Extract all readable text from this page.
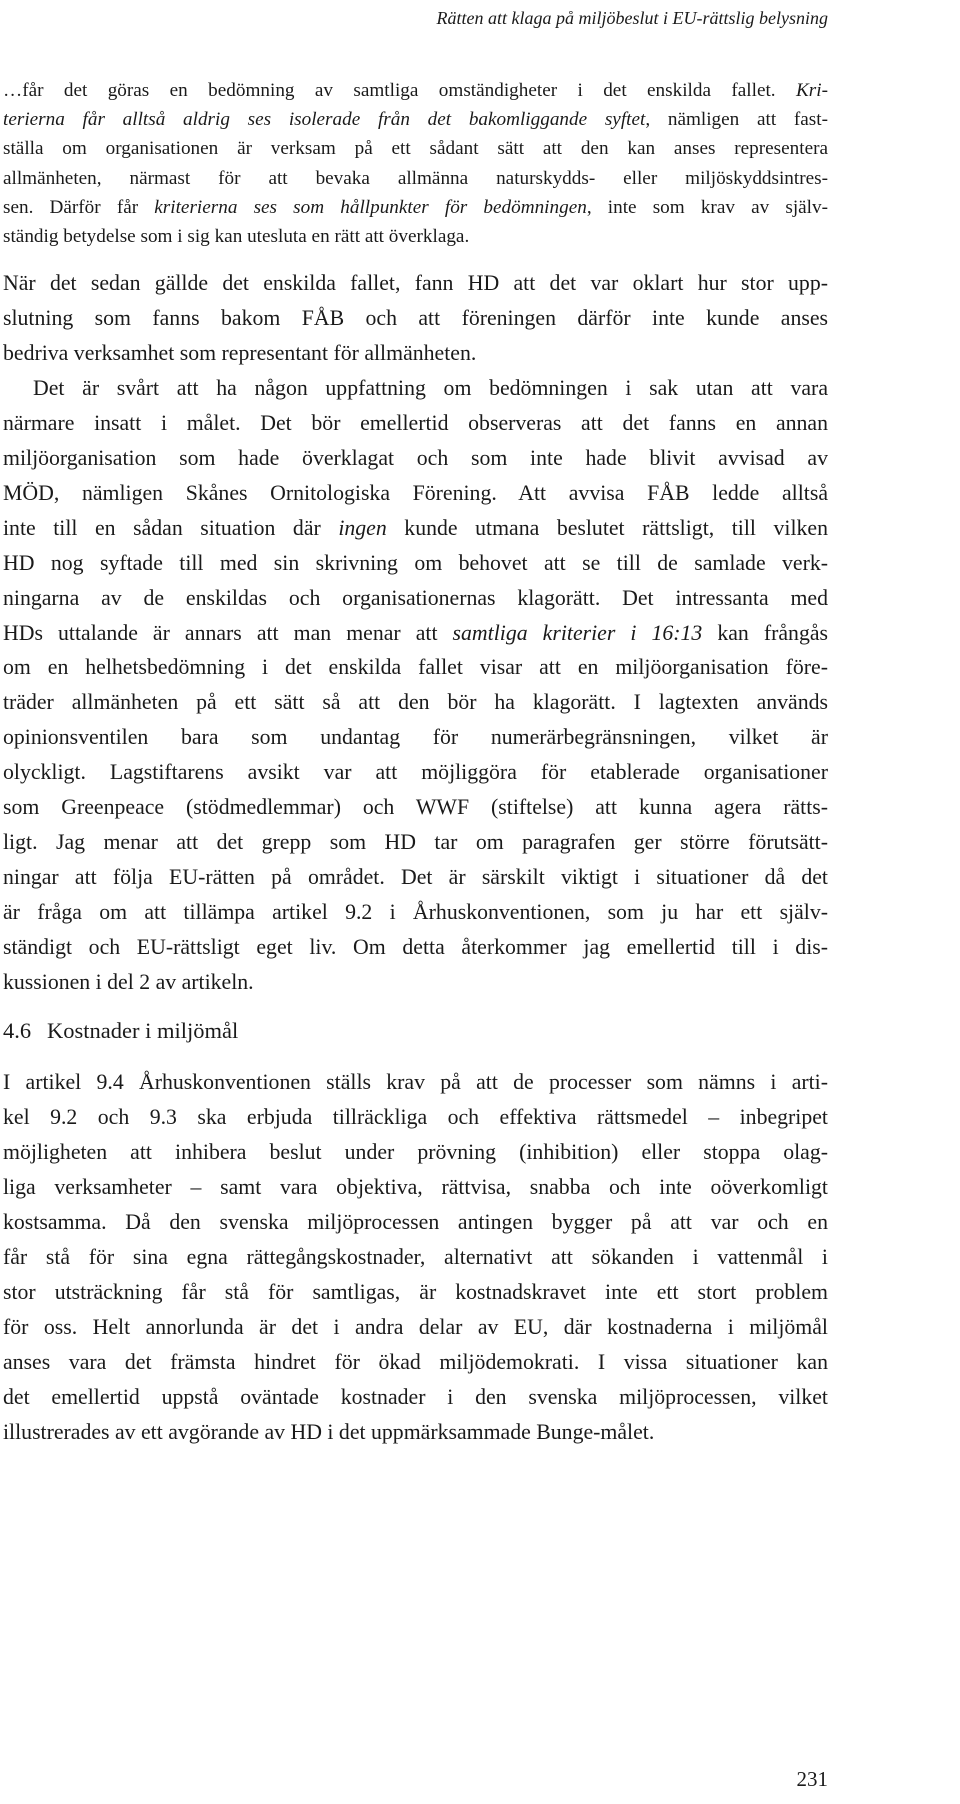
Rätten att klaga på miljöbeslut i EU-rättslig belysning
…får det göras en bedömning av samtliga omständigheter i det enskilda fallet. Kri-
terierna får alltså aldrig ses isolerade från det bakomliggande syftet, nämligen att fast-
ställa om organisationen är verksam på ett sådant sätt att den kan anses representera
allmänheten, närmast för att bevaka allmänna naturskydds- eller miljöskyddsintres-
sen. Därför får kriterierna ses som hållpunkter för bedömningen, inte som krav av själv-
ständig betydelse som i sig kan utesluta en rätt att överklaga.
När det sedan gällde det enskilda fallet, fann HD att det var oklart hur stor upp-
slutning som fanns bakom FÅB och att föreningen därför inte kunde anses
bedriva verksamhet som representant för allmänheten.
Det är svårt att ha någon uppfattning om bedömningen i sak utan att vara
närmare insatt i målet. Det bör emellertid observeras att det fanns en annan
miljöorganisation som hade överklagat och som inte hade blivit avvisad av
MÖD, nämligen Skånes Ornitologiska Förening. Att avvisa FÅB ledde alltså
inte till en sådan situation där ingen kunde utmana beslutet rättsligt, till vilken
HD nog syftade till med sin skrivning om behovet att se till de samlade verk-
ningarna av de enskildas och organisationernas klagorätt. Det intressanta med
HDs uttalande är annars att man menar att samtliga kriterier i 16:13 kan frångås
om en helhetsbedömning i det enskilda fallet visar att en miljöorganisation före-
träder allmänheten på ett sätt så att den bör ha klagorätt. I lagtexten används
opinionsventilen bara som undantag för numerärbegränsningen, vilket är
olyckligt. Lagstiftarens avsikt var att möjliggöra för etablerade organisationer
som Greenpeace (stödmedlemmar) och WWF (stiftelse) att kunna agera rätts-
ligt. Jag menar att det grepp som HD tar om paragrafen ger större förutsätt-
ningar att följa EU-rätten på området. Det är särskilt viktigt i situationer då det
är fråga om att tillämpa artikel 9.2 i Århuskonventionen, som ju har ett själv-
ständigt och EU-rättsligt eget liv. Om detta återkommer jag emellertid till i dis-
kussionen i del 2 av artikeln.
4.6 Kostnader i miljömål
I artikel 9.4 Århuskonventionen ställs krav på att de processer som nämns i arti-
kel 9.2 och 9.3 ska erbjuda tillräckliga och effektiva rättsmedel – inbegripet
möjligheten att inhibera beslut under prövning (inhibition) eller stoppa olag-
liga verksamheter – samt vara objektiva, rättvisa, snabba och inte oöverkomligt
kostsamma. Då den svenska miljöprocessen antingen bygger på att var och en
får stå för sina egna rättegångskostnader, alternativt att sökanden i vattenmål i
stor utsträckning får stå för samtligas, är kostnadskravet inte ett stort problem
för oss. Helt annorlunda är det i andra delar av EU, där kostnaderna i miljömål
anses vara det främsta hindret för ökad miljödemokrati. I vissa situationer kan
det emellertid uppstå oväntade kostnader i den svenska miljöprocessen, vilket
illustrerades av ett avgörande av HD i det uppmärksammade Bunge-målet.
231
